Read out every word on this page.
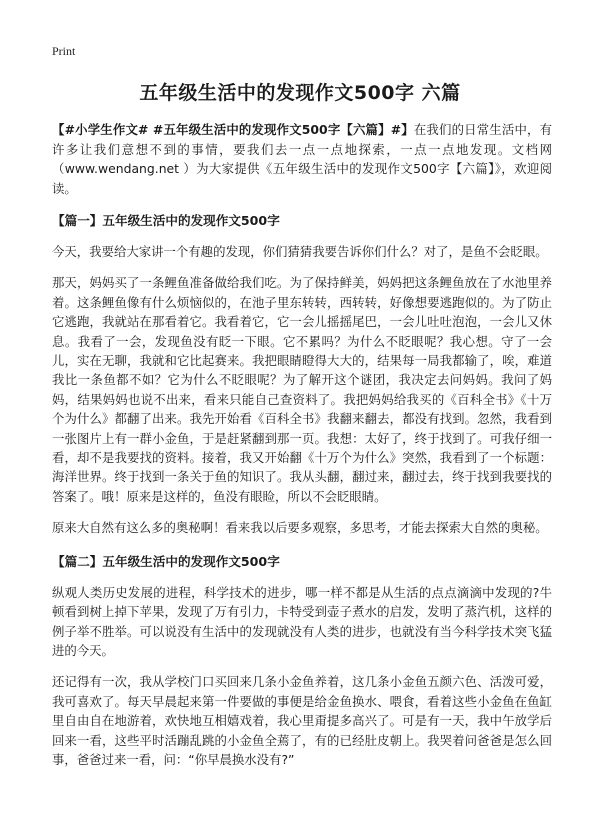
Print
五年级生活中的发现作文500字 六篇

【#小学生作文# #五年级生活中的发现作文500字【六篇】#】在我们的日常生活中，有许多让我们意想不到的事情，要我们去一点一点地探索，一点一点地发现。文档网（www.wendang.net ）为大家提供《五年级生活中的发现作文500字【六篇】》，欢迎阅读。

【篇一】五年级生活中的发现作文500字

今天，我要给大家讲一个有趣的发现，你们猜猜我要告诉你们什么？对了，是鱼不会眨眼。

那天，妈妈买了一条鲤鱼准备做给我们吃。为了保持鲜美，妈妈把这条鲤鱼放在了水池里养着。这条鲤鱼像有什么烦恼似的，在池子里东转转，西转转，好像想要逃跑似的。为了防止它逃跑，我就站在那看着它。我看着它，它一会儿摇摇尾巴，一会儿吐吐泡泡，一会儿又休息。我看了一会，发现鱼没有眨一下眼。它不累吗？为什么不眨眼呢？我心想。守了一会儿，实在无聊，我就和它比起赛来。我把眼睛瞪得大大的，结果每一局我都输了，唉，难道我比一条鱼都不如？它为什么不眨眼呢？为了解开这个谜团，我决定去问妈妈。我问了妈妈，结果妈妈也说不出来，看来只能自己查资料了。我把妈妈给我买的《百科全书》《十万个为什么》都翻了出来。我先开始看《百科全书》我翻来翻去，都没有找到。忽然，我看到一张图片上有一群小金鱼，于是赶紧翻到那一页。我想：太好了，终于找到了。可我仔细一看，却不是我要找的资料。接着，我又开始翻《十万个为什么》突然，我看到了一个标题：海洋世界。终于找到一条关于鱼的知识了。我从头翻，翻过来，翻过去，终于找到我要找的答案了。哦！原来是这样的，鱼没有眼睑，所以不会眨眼睛。

原来大自然有这么多的奥秘啊！看来我以后要多观察，多思考，才能去探索大自然的奥秘。

【篇二】五年级生活中的发现作文500字

纵观人类历史发展的进程，科学技术的进步，哪一样不都是从生活的点点滴滴中发现的?牛顿看到树上掉下苹果，发现了万有引力，卡特受到壶子煮水的启发，发明了蒸汽机，这样的例子举不胜举。可以说没有生活中的发现就没有人类的进步，也就没有当今科学技术突飞猛进的今天。

还记得有一次，我从学校门口买回来几条小金鱼养着，这几条小金鱼五颜六色、活泼可爱，我可喜欢了。每天早晨起来第一件要做的事便是给金鱼换水、喂食，看着这些小金鱼在鱼缸里自由自在地游着，欢快地互相嬉戏着，我心里甭提多高兴了。可是有一天，我中午放学后回来一看，这些平时活蹦乱跳的小金鱼全蔫了，有的已经肚皮朝上。我哭着问爸爸是怎么回事，爸爸过来一看，问：“你早晨换水没有?”
